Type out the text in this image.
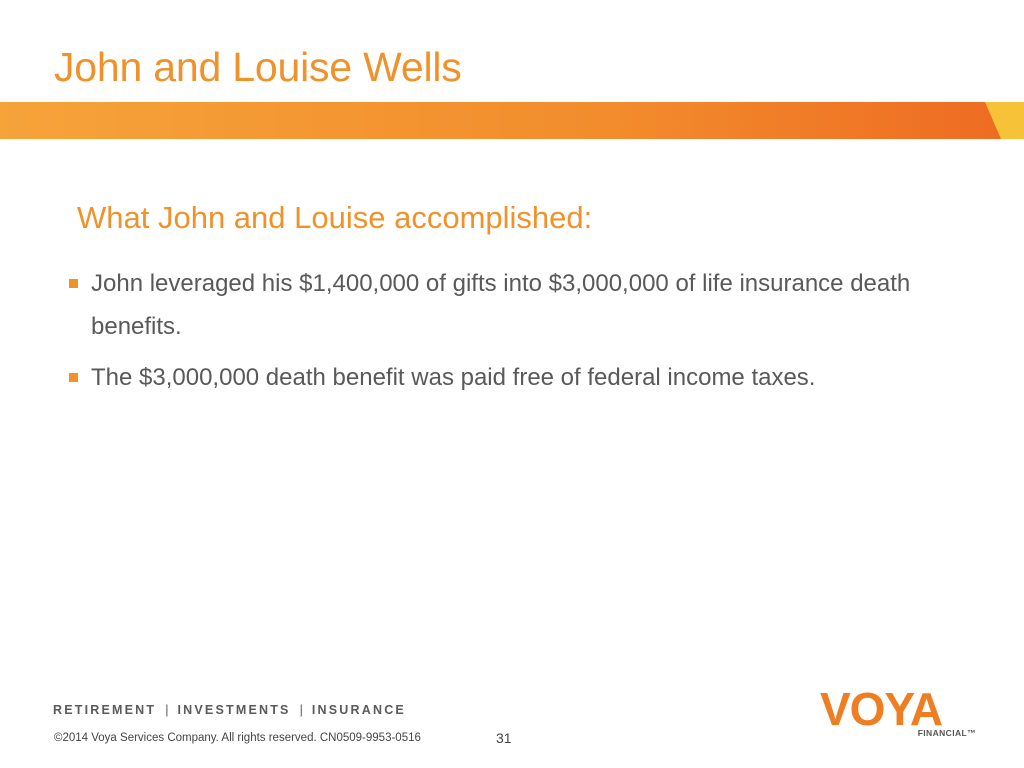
John and Louise Wells
What John and Louise accomplished:
John leveraged his $1,400,000 of gifts into $3,000,000 of life insurance death benefits.
The $3,000,000 death benefit was paid free of federal income taxes.
RETIREMENT | INVESTMENTS | INSURANCE
©2014 Voya Services Company. All rights reserved. CN0509-9953-0516	31
VOYA
FINANCIAL™
